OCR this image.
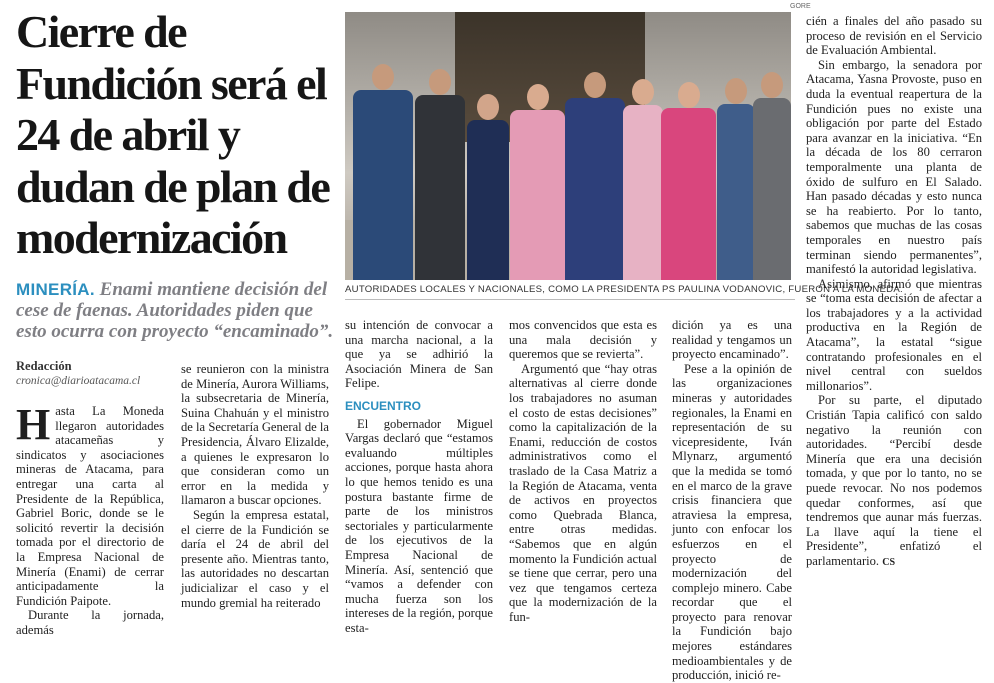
Cierre de Fundición será el 24 de abril y dudan de plan de modernización

MINERÍA. Enami mantiene decisión del cese de faenas. Autoridades piden que esto ocurra con proyecto “encaminado”.

Redacción
cronica@diarioatacama.cl
GORE
AUTORIDADES LOCALES Y NACIONALES, COMO LA PRESIDENTA PS PAULINA VODANOVIC, FUERON A LA MONEDA.

Hasta La Moneda llegaron autoridades atacameñas y sindicatos y asociaciones mineras de Atacama, para entregar una carta al Presidente de la República, Gabriel Boric, donde se le solicitó revertir la decisión tomada por el directorio de la Empresa Nacional de Minería (Enami) de cerrar anticipadamente la Fundición Paipote.

Durante la jornada, además

se reunieron con la ministra de Minería, Aurora Williams, la subsecretaria de Minería, Suina Chahuán y el ministro de la Secretaría General de la Presidencia, Álvaro Elizalde, a quienes le expresaron lo que consideran como un error en la medida y llamaron a buscar opciones.

Según la empresa estatal, el cierre de la Fundición se daría el 24 de abril del presente año. Mientras tanto, las autoridades no descartan judicializar el caso y el mundo gremial ha reiterado

su intención de convocar a una marcha nacional, a la que ya se adhirió la Asociación Minera de San Felipe.

ENCUENTRO

El gobernador Miguel Vargas declaró que “estamos evaluando múltiples acciones, porque hasta ahora lo que hemos tenido es una postura bastante firme de parte de los ministros sectoriales y particularmente de los ejecutivos de la Empresa Nacional de Minería. Así, sentenció que “vamos a defender con mucha fuerza son los intereses de la región, porque esta-

mos convencidos que esta es una mala decisión y queremos que se revierta”.

Argumentó que “hay otras alternativas al cierre donde los trabajadores no asuman el costo de estas decisiones” como la capitalización de la Enami, reducción de costos administrativos como el traslado de la Casa Matriz a la Región de Atacama, venta de activos en proyectos como Quebrada Blanca, entre otras medidas. “Sabemos que en algún momento la Fundición actual se tiene que cerrar, pero una vez que tengamos certeza que la modernización de la fun-

dición ya es una realidad y tengamos un proyecto encaminado”.

Pese a la opinión de las organizaciones mineras y autoridades regionales, la Enami en representación de su vicepresidente, Iván Mlynarz, argumentó que la medida se tomó en el marco de la grave crisis financiera que atraviesa la empresa, junto con enfocar los esfuerzos en el proyecto de modernización del complejo minero. Cabe recordar que el proyecto para renovar la Fundición bajo mejores estándares medioambientales y de producción, inició re-

cién a finales del año pasado su proceso de revisión en el Servicio de Evaluación Ambiental.

Sin embargo, la senadora por Atacama, Yasna Provoste, puso en duda la eventual reapertura de la Fundición pues no existe una obligación por parte del Estado para avanzar en la iniciativa. “En la década de los 80 cerraron temporalmente una planta de óxido de sulfuro en El Salado. Han pasado décadas y esto nunca se ha reabierto. Por lo tanto, sabemos que muchas de las cosas temporales en nuestro país terminan siendo permanentes”, manifestó la autoridad legislativa.

Asimismo, afirmó que mientras se “toma esta decisión de afectar a los trabajadores y a la actividad productiva en la Región de Atacama”, la estatal “sigue contratando profesionales en el nivel central con sueldos millonarios”.

Por su parte, el diputado Cristián Tapia calificó con saldo negativo la reunión con autoridades. “Percibí desde Minería que era una decisión tomada, y que por lo tanto, no se puede revocar. No nos podemos quedar conformes, así que tendremos que aunar más fuerzas. La llave aquí la tiene el Presidente”, enfatizó el parlamentario. CS
